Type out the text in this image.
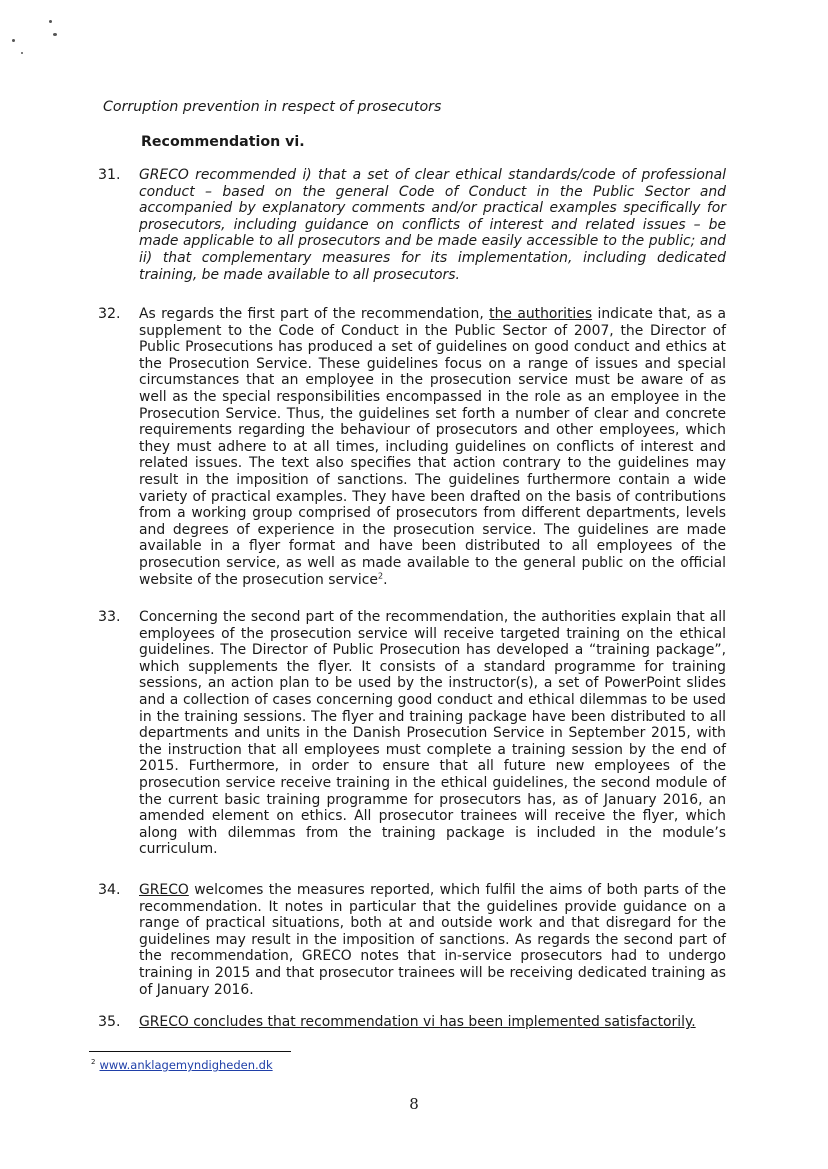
Corruption prevention in respect of prosecutors
Recommendation vi.
31. GRECO recommended i) that a set of clear ethical standards/code of professional conduct – based on the general Code of Conduct in the Public Sector and accompanied by explanatory comments and/or practical examples specifically for prosecutors, including guidance on conflicts of interest and related issues – be made applicable to all prosecutors and be made easily accessible to the public; and ii) that complementary measures for its implementation, including dedicated training, be made available to all prosecutors.
32. As regards the first part of the recommendation, the authorities indicate that, as a supplement to the Code of Conduct in the Public Sector of 2007, the Director of Public Prosecutions has produced a set of guidelines on good conduct and ethics at the Prosecution Service. These guidelines focus on a range of issues and special circumstances that an employee in the prosecution service must be aware of as well as the special responsibilities encompassed in the role as an employee in the Prosecution Service. Thus, the guidelines set forth a number of clear and concrete requirements regarding the behaviour of prosecutors and other employees, which they must adhere to at all times, including guidelines on conflicts of interest and related issues. The text also specifies that action contrary to the guidelines may result in the imposition of sanctions. The guidelines furthermore contain a wide variety of practical examples. They have been drafted on the basis of contributions from a working group comprised of prosecutors from different departments, levels and degrees of experience in the prosecution service. The guidelines are made available in a flyer format and have been distributed to all employees of the prosecution service, as well as made available to the general public on the official website of the prosecution service$^2$.
33. Concerning the second part of the recommendation, the authorities explain that all employees of the prosecution service will receive targeted training on the ethical guidelines. The Director of Public Prosecution has developed a “training package”, which supplements the flyer. It consists of a standard programme for training sessions, an action plan to be used by the instructor(s), a set of PowerPoint slides and a collection of cases concerning good conduct and ethical dilemmas to be used in the training sessions. The flyer and training package have been distributed to all departments and units in the Danish Prosecution Service in September 2015, with the instruction that all employees must complete a training session by the end of 2015. Furthermore, in order to ensure that all future new employees of the prosecution service receive training in the ethical guidelines, the second module of the current basic training programme for prosecutors has, as of January 2016, an amended element on ethics. All prosecutor trainees will receive the flyer, which along with dilemmas from the training package is included in the module’s curriculum.
34. GRECO welcomes the measures reported, which fulfil the aims of both parts of the recommendation. It notes in particular that the guidelines provide guidance on a range of practical situations, both at and outside work and that disregard for the guidelines may result in the imposition of sanctions. As regards the second part of the recommendation, GRECO notes that in-service prosecutors had to undergo training in 2015 and that prosecutor trainees will be receiving dedicated training as of January 2016.
35. GRECO concludes that recommendation vi has been implemented satisfactorily.
$^2$ www.anklagemyndigheden.dk
8
